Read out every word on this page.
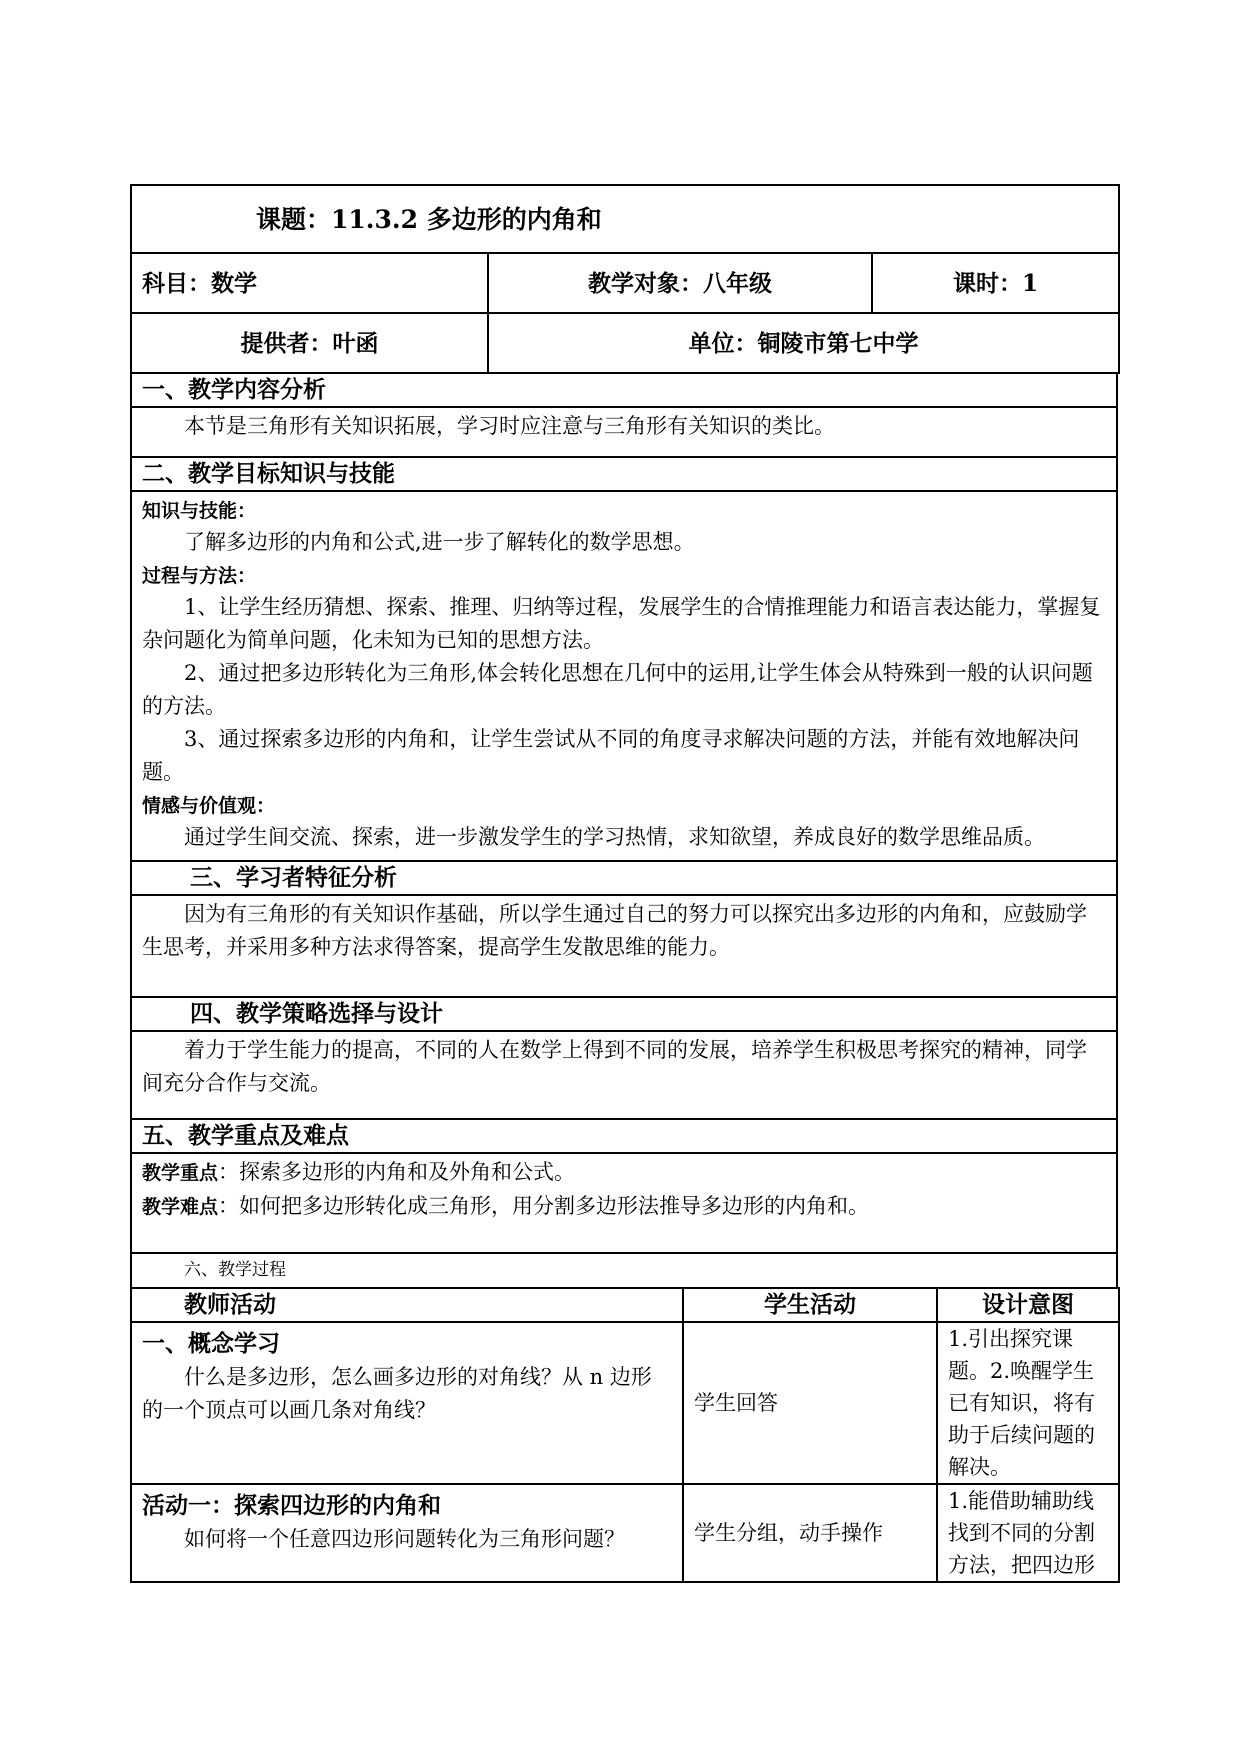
课题：11.3.2 多边形的内角和		
科目：数学	教学对象：八年级	课时：1
提供者：叶函	单位：铜陵市第七中学	
一、教学内容分析

本节是三角形有关知识拓展，学习时应注意与三角形有关知识的类比。

二、教学目标知识与技能

知识与技能：

了解多边形的内角和公式,进一步了解转化的数学思想。

过程与方法：

1、让学生经历猜想、探索、推理、归纳等过程，发展学生的合情推理能力和语言表达能力，掌握复杂问题化为简单问题，化未知为已知的思想方法。

2、通过把多边形转化为三角形,体会转化思想在几何中的运用,让学生体会从特殊到一般的认识问题的方法。

3、通过探索多边形的内角和，让学生尝试从不同的角度寻求解决问题的方法，并能有效地解决问题。

情感与价值观：

通过学生间交流、探索，进一步激发学生的学习热情，求知欲望，养成良好的数学思维品质。

三、学习者特征分析

因为有三角形的有关知识作基础，所以学生通过自己的努力可以探究出多边形的内角和，应鼓励学生思考，并采用多种方法求得答案，提高学生发散思维的能力。

四、教学策略选择与设计

着力于学生能力的提高，不同的人在数学上得到不同的发展，培养学生积极思考探究的精神，同学间充分合作与交流。

五、教学重点及难点

教学重点：探索多边形的内角和及外角和公式。

教学难点：如何把多边形转化成三角形，用分割多边形法推导多边形的内角和。

六、教学过程
教师活动	学生活动	设计意图

一、概念学习

什么是多边形，怎么画多边形的对角线？从 n 边形的一个顶点可以画几条对角线？	学生回答	1.引出探究课题。2.唤醒学生已有知识，将有助于后续问题的解决。

活动一：探索四边形的内角和

如何将一个任意四边形问题转化为三角形问题？	学生分组，动手操作	1.能借助辅助线找到不同的分割方法，把四边形
